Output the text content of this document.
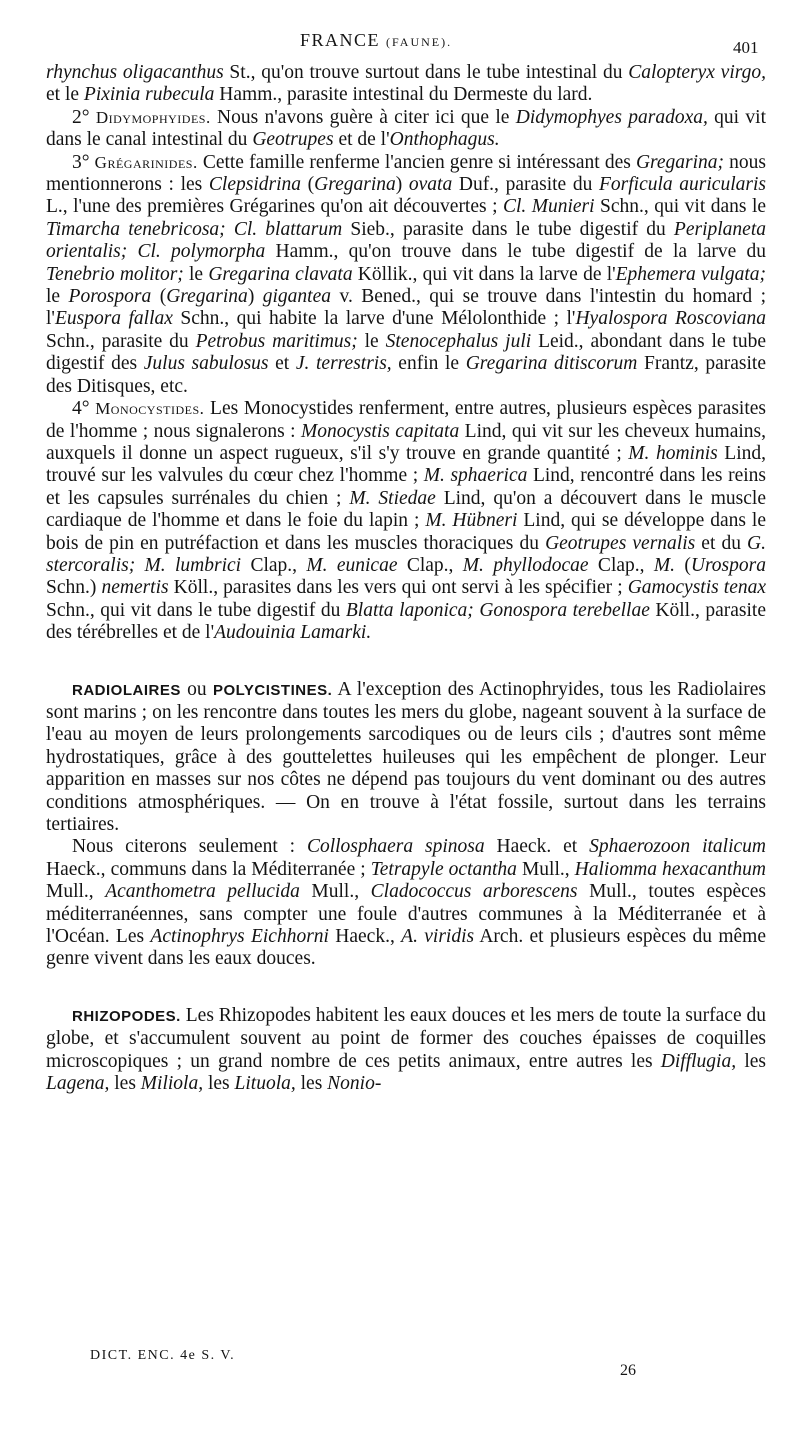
FRANCE (FAUNE).	401

rhynchus oligacanthus St., qu'on trouve surtout dans le tube intestinal du Calopteryx virgo, et le Pixinia rubecula Hamm., parasite intestinal du Dermeste du lard.

2° Didymophyides. Nous n'avons guère à citer ici que le Didymophyes paradoxa, qui vit dans le canal intestinal du Geotrupes et de l'Onthophagus.

3° Grégarinides. Cette famille renferme l'ancien genre si intéressant des Gregarina; nous mentionnerons : les Clepsidrina (Gregarina) ovata Duf., parasite du Forficula auricularis L., l'une des premières Grégarines qu'on ait découvertes ; Cl. Munieri Schn., qui vit dans le Timarcha tenebricosa; Cl. blattarum Sieb., parasite dans le tube digestif du Periplaneta orientalis; Cl. polymorpha Hamm., qu'on trouve dans le tube digestif de la larve du Tenebrio molitor; le Gregarina clavata Köllik., qui vit dans la larve de l'Ephemera vulgata; le Porospora (Gregarina) gigantea v. Bened., qui se trouve dans l'intestin du homard ; l'Euspora fallax Schn., qui habite la larve d'une Mélolonthide ; l'Hyalospora Roscoviana Schn., parasite du Petrobus maritimus; le Stenocephalus juli Leid., abondant dans le tube digestif des Julus sabulosus et J. terrestris, enfin le Gregarina ditiscorum Frantz, parasite des Ditisques, etc.

4° Monocystides. Les Monocystides renferment, entre autres, plusieurs espèces parasites de l'homme ; nous signalerons : Monocystis capitata Lind, qui vit sur les cheveux humains, auxquels il donne un aspect rugueux, s'il s'y trouve en grande quantité ; M. hominis Lind, trouvé sur les valvules du cœur chez l'homme ; M. sphaerica Lind, rencontré dans les reins et les capsules surrénales du chien ; M. Stiedae Lind, qu'on a découvert dans le muscle cardiaque de l'homme et dans le foie du lapin ; M. Hübneri Lind, qui se développe dans le bois de pin en putréfaction et dans les muscles thoraciques du Geotrupes vernalis et du G. stercoralis; M. lumbrici Clap., M. eunicae Clap., M. phyllodocae Clap., M. (Urospora Schn.) nemertis Köll., parasites dans les vers qui ont servi à les spécifier ; Gamocystis tenax Schn., qui vit dans le tube digestif du Blatta laponica; Gonospora terebellae Köll., parasite des térébrelles et de l'Audouinia Lamarki.

RADIOLAIRES ou POLYCISTINES. A l'exception des Actinophryides, tous les Radiolaires sont marins ; on les rencontre dans toutes les mers du globe, nageant souvent à la surface de l'eau au moyen de leurs prolongements sarcodiques ou de leurs cils ; d'autres sont même hydrostatiques, grâce à des gouttelettes huileuses qui les empêchent de plonger. Leur apparition en masses sur nos côtes ne dépend pas toujours du vent dominant ou des autres conditions atmosphériques. — On en trouve à l'état fossile, surtout dans les terrains tertiaires.

Nous citerons seulement : Collosphaera spinosa Haeck. et Sphaerozoon italicum Haeck., communs dans la Méditerranée ; Tetrapyle octantha Mull., Haliomma hexacanthum Mull., Acanthometra pellucida Mull., Cladococcus arborescens Mull., toutes espèces méditerranéennes, sans compter une foule d'autres communes à la Méditerranée et à l'Océan. Les Actinophrys Eichhorni Haeck., A. viridis Arch. et plusieurs espèces du même genre vivent dans les eaux douces.

RHIZOPODES. Les Rhizopodes habitent les eaux douces et les mers de toute la surface du globe, et s'accumulent souvent au point de former des couches épaisses de coquilles microscopiques ; un grand nombre de ces petits animaux, entre autres les Difflugia, les Lagena, les Miliola, les Lituola, les Nonio-

DICT. ENC. 4e S. V.
26
